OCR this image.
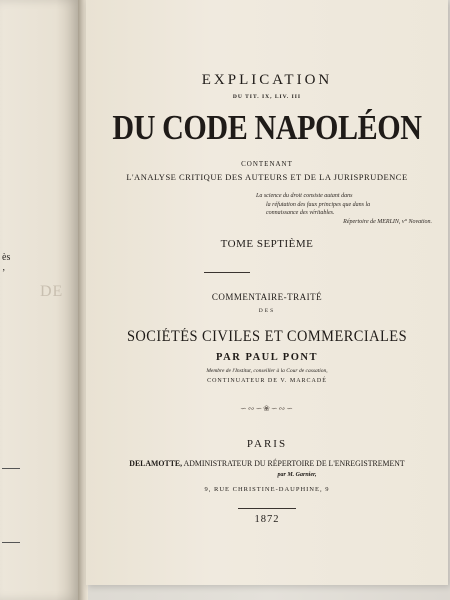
ès
ʼ
DE
EXPLICATION
DU TIT. IX, LIV. III
DU CODE NAPOLÉON
CONTENANT
L'ANALYSE CRITIQUE DES AUTEURS ET DE LA JURISPRUDENCE
La science du droit consiste autant dans
la réfutation des faux principes que dans la
connaissance des véritables.
Répertoire de MERLIN, v° Novation.
TOME SEPTIÈME
COMMENTAIRE-TRAITÉ
DES
SOCIÉTÉS CIVILES ET COMMERCIALES
PAR PAUL PONT
Membre de l'Institut, conseiller à la Cour de cassation,
CONTINUATEUR DE V. MARCADÉ
∽∾∽❀∽∾∽
PARIS
DELAMOTTE, ADMINISTRATEUR DU RÉPERTOIRE DE L'ENREGISTREMENT
par M. Garnier,
9, RUE CHRISTINE-DAUPHINE, 9
1872
